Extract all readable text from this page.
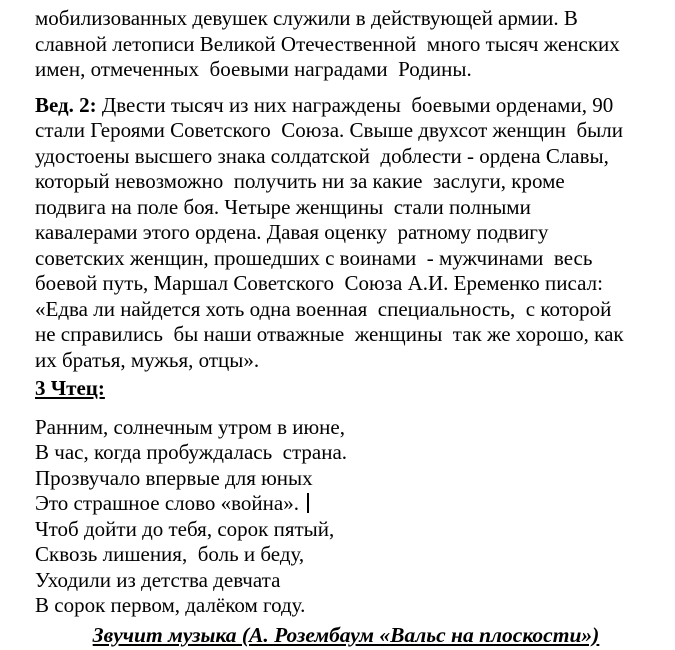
мобилизованных девушек служили в действующей армии. В
славной летописи Великой Отечественной  много тысяч женских
имен, отмеченных  боевыми наградами  Родины.
Вед. 2: Двести тысяч из них награждены  боевыми орденами, 90
стали Героями Советского  Союза. Свыше двухсот женщин  были
удостоены высшего знака солдатской  доблести - ордена Славы,
который невозможно  получить ни за какие  заслуги, кроме
подвига на поле боя. Четыре женщины  стали полными
кавалерами этого ордена. Давая оценку  ратному подвигу
советских женщин, прошедших с воинами  - мужчинами  весь
боевой путь, Маршал Советского  Союза А.И. Еременко писал:
«Едва ли найдется хоть одна военная  специальность,  с которой
не справились  бы наши отважные  женщины  так же хорошо, как
их братья, мужья, отцы».
3 Чтец:
Ранним, солнечным утром в июне,
В час, когда пробуждалась  страна.
Прозвучало впервые для юных
Это страшное слово «война».
Чтоб дойти до тебя, сорок пятый,
Сквозь лишения,  боль и беду,
Уходили из детства девчата
В сорок первом, далёком году.
Звучит музыка (А. Розембаум «Вальс на плоскости»)
